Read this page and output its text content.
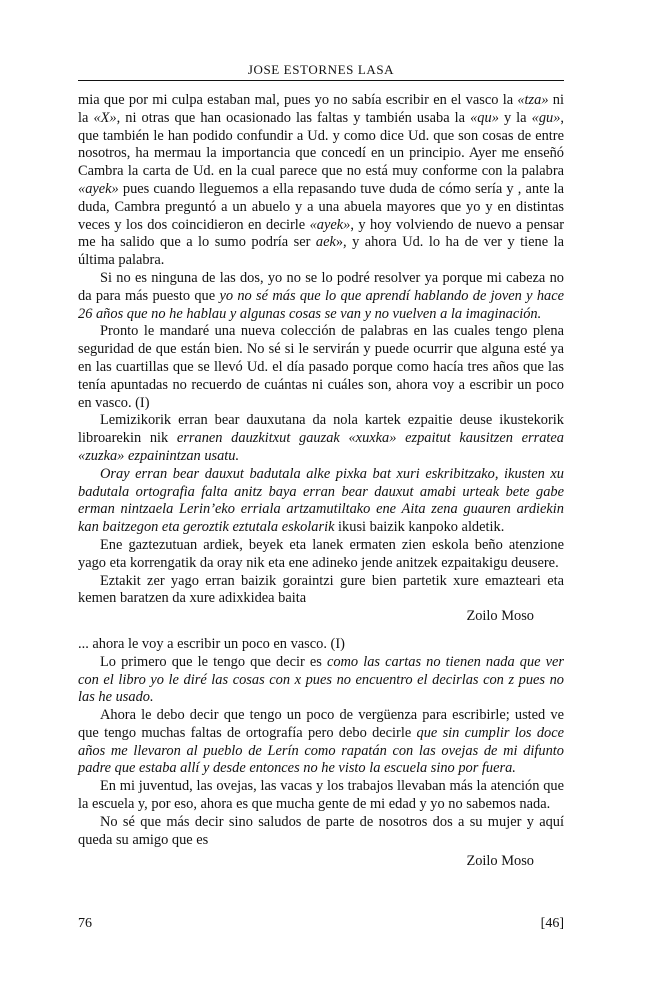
JOSE ESTORNES LASA

mia que por mi culpa estaban mal, pues yo no sabía escribir en el vasco la «tza» ni la «X», ni otras que han ocasionado las faltas y también usaba la «qu» y la «gu», que también le han podido confundir a Ud. y como dice Ud. que son cosas de entre nosotros, ha mermau la importancia que concedí en un principio. Ayer me enseñó Cambra la carta de Ud. en la cual parece que no está muy conforme con la palabra «ayek» pues cuando lleguemos a ella repasando tuve duda de cómo sería y , ante la duda, Cambra preguntó a un abuelo y a una abuela mayores que yo y en distintas veces y los dos coincidieron en decirle «ayek», y hoy volviendo de nuevo a pensar me ha salido que a lo sumo podría ser aek», y ahora Ud. lo ha de ver y tiene la última palabra.

Si no es ninguna de las dos, yo no se lo podré resolver ya porque mi cabeza no da para más puesto que yo no sé más que lo que aprendí hablando de joven y hace 26 años que no he hablau y algunas cosas se van y no vuelven a la imaginación.

Pronto le mandaré una nueva colección de palabras en las cuales tengo plena seguridad de que están bien. No sé si le servirán y puede ocurrir que alguna esté ya en las cuartillas que se llevó Ud. el día pasado porque como hacía tres años que las tenía apuntadas no recuerdo de cuántas ni cuáles son, ahora voy a escribir un poco en vasco. (I)

Lemizikorik erran bear dauxutana da nola kartek ezpaitie deuse ikustekorik libroarekin nik erranen dauzkitxut gauzak «xuxka» ezpaitut kausitzen erratea «zuzka» ezpainintzan usatu.

Oray erran bear dauxut badutala alke pixka bat xuri eskribitzako, ikusten xu badutala ortografia falta anitz baya erran bear dauxut amabi urteak bete gabe erman nintzaela Lerin’eko erriala artzamutiltako ene Aita zena guauren ardiekin kan baitzegon eta geroztik eztutala eskolarik ikusi baizik kanpoko aldetik.

Ene gaztezutuan ardiek, beyek eta lanek ermaten zien eskola beño atenzione yago eta korrengatik da oray nik eta ene adineko jende anitzek ezpaitakigu deusere.

Eztakit zer yago erran baizik goraintzi gure bien partetik xure emazteari eta kemen baratzen da xure adixkidea baita

Zoilo Moso

... ahora le voy a escribir un poco en vasco. (I)

Lo primero que le tengo que decir es como las cartas no tienen nada que ver con el libro yo le diré las cosas con x pues no encuentro el decirlas con z pues no las he usado.

Ahora le debo decir que tengo un poco de vergüenza para escribirle; usted ve que tengo muchas faltas de ortografía pero debo decirle que sin cumplir los doce años me llevaron al pueblo de Lerín como rapatán con las ovejas de mi difunto padre que estaba allí y desde entonces no he visto la escuela sino por fuera.

En mi juventud, las ovejas, las vacas y los trabajos llevaban más la atención que la escuela y, por eso, ahora es que mucha gente de mi edad y yo no sabemos nada.

No sé que más decir sino saludos de parte de nosotros dos a su mujer y aquí queda su amigo que es

Zoilo Moso

76	[46]
